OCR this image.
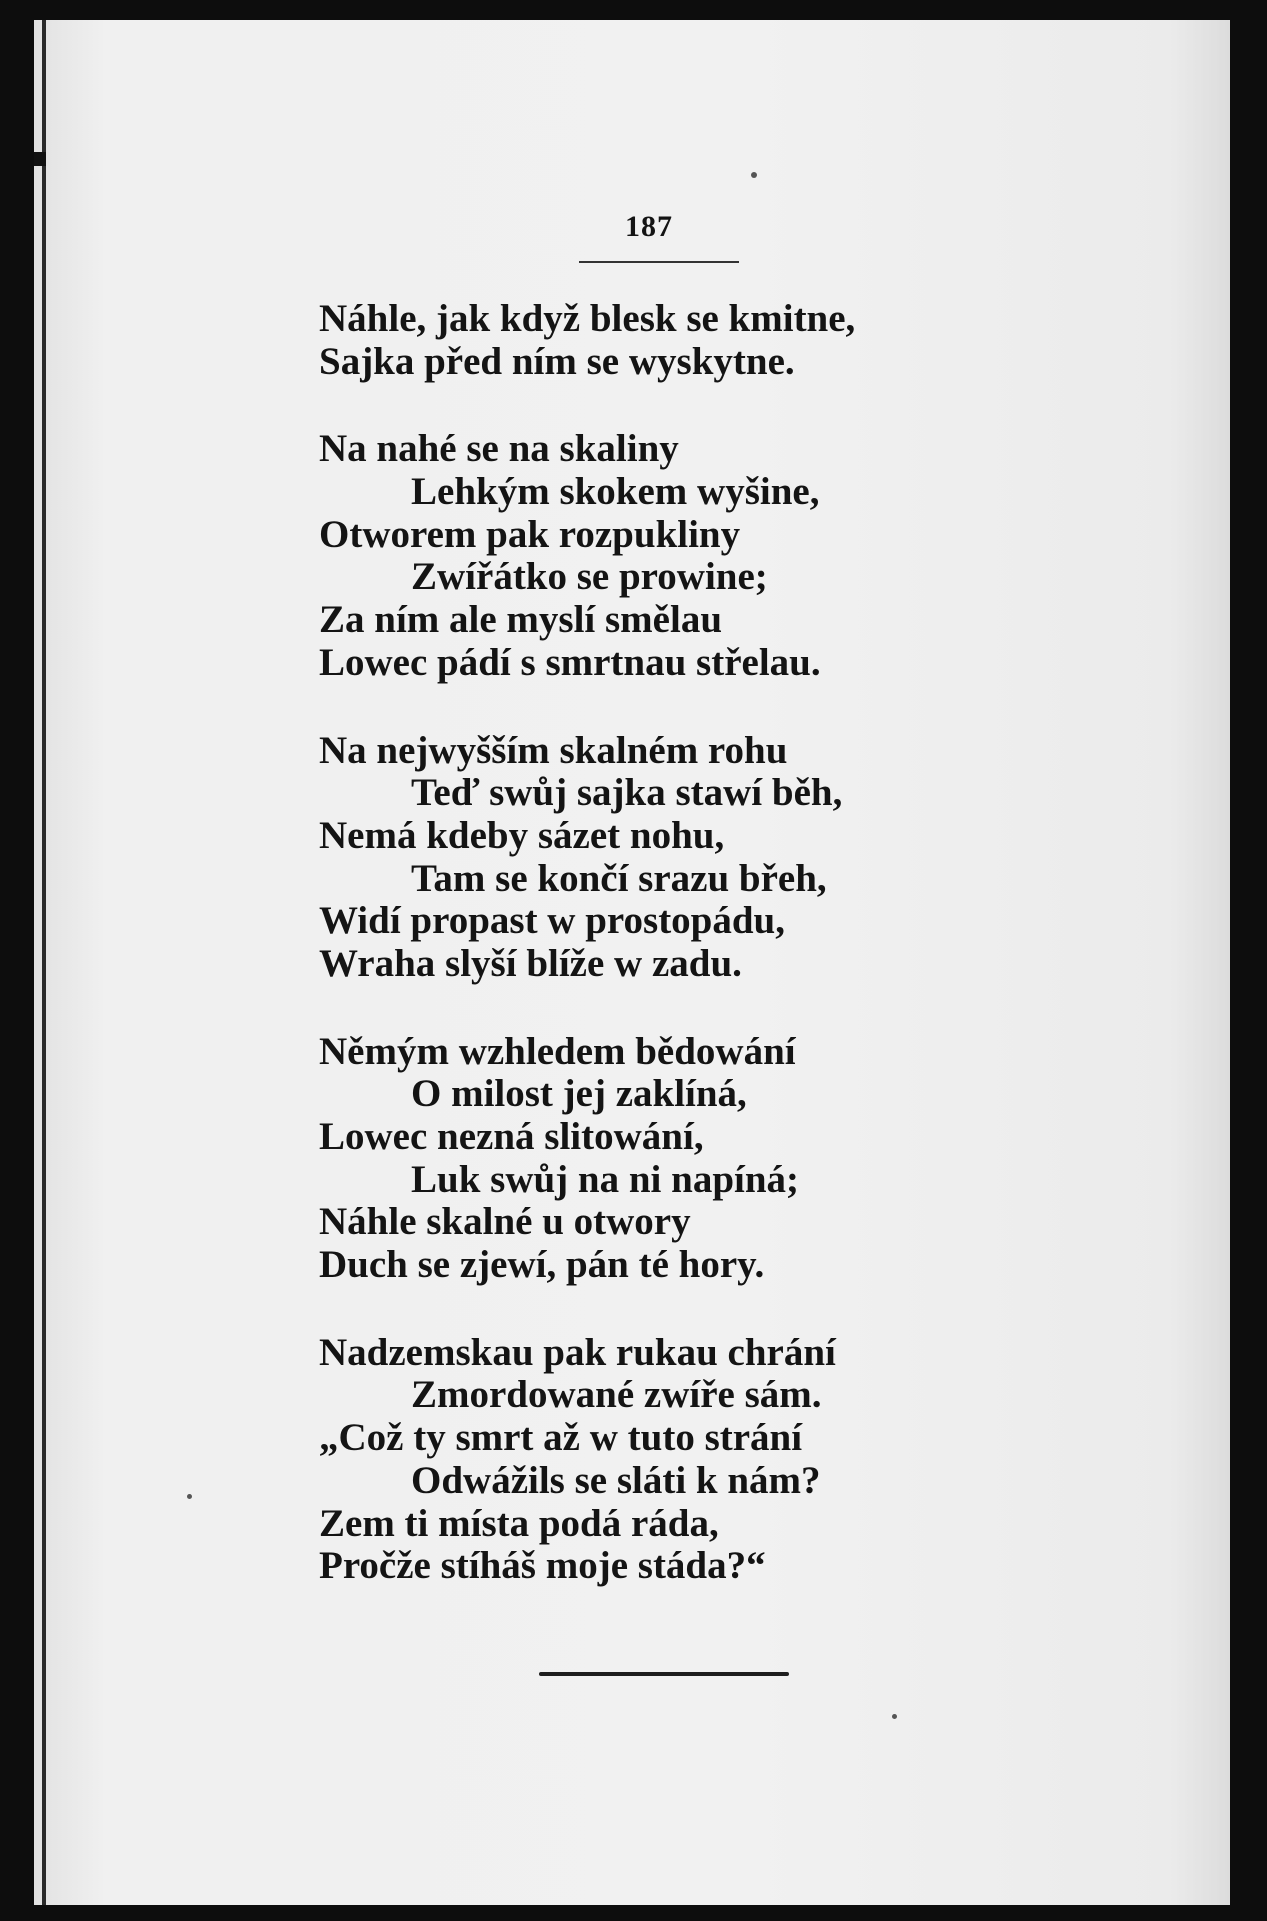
187
Náhle, jak když blesk se kmitne,
Sajka před ním se wyskytne.
Na nahé se na skaliny
Lehkým skokem wyšine,
Otworem pak rozpukliny
Zwířátko se prowine;
Za ním ale myslí smělau
Lowec pádí s smrtnau střelau.
Na nejwyšším skalném rohu
Teď swůj sajka stawí běh,
Nemá kdeby sázet nohu,
Tam se končí srazu břeh,
Widí propast w prostopádu,
Wraha slyší blíže w zadu.
Němým wzhledem bědowání
O milost jej zaklíná,
Lowec nezná slitowání,
Luk swůj na ni napíná;
Náhle skalné u otwory
Duch se zjewí, pán té hory.
Nadzemskau pak rukau chrání
Zmordowané zwíře sám.
„Což ty smrt až w tuto strání
Odwážils se sláti k nám?
Zem ti místa podá ráda,
Pročže stíháš moje stáda?“
